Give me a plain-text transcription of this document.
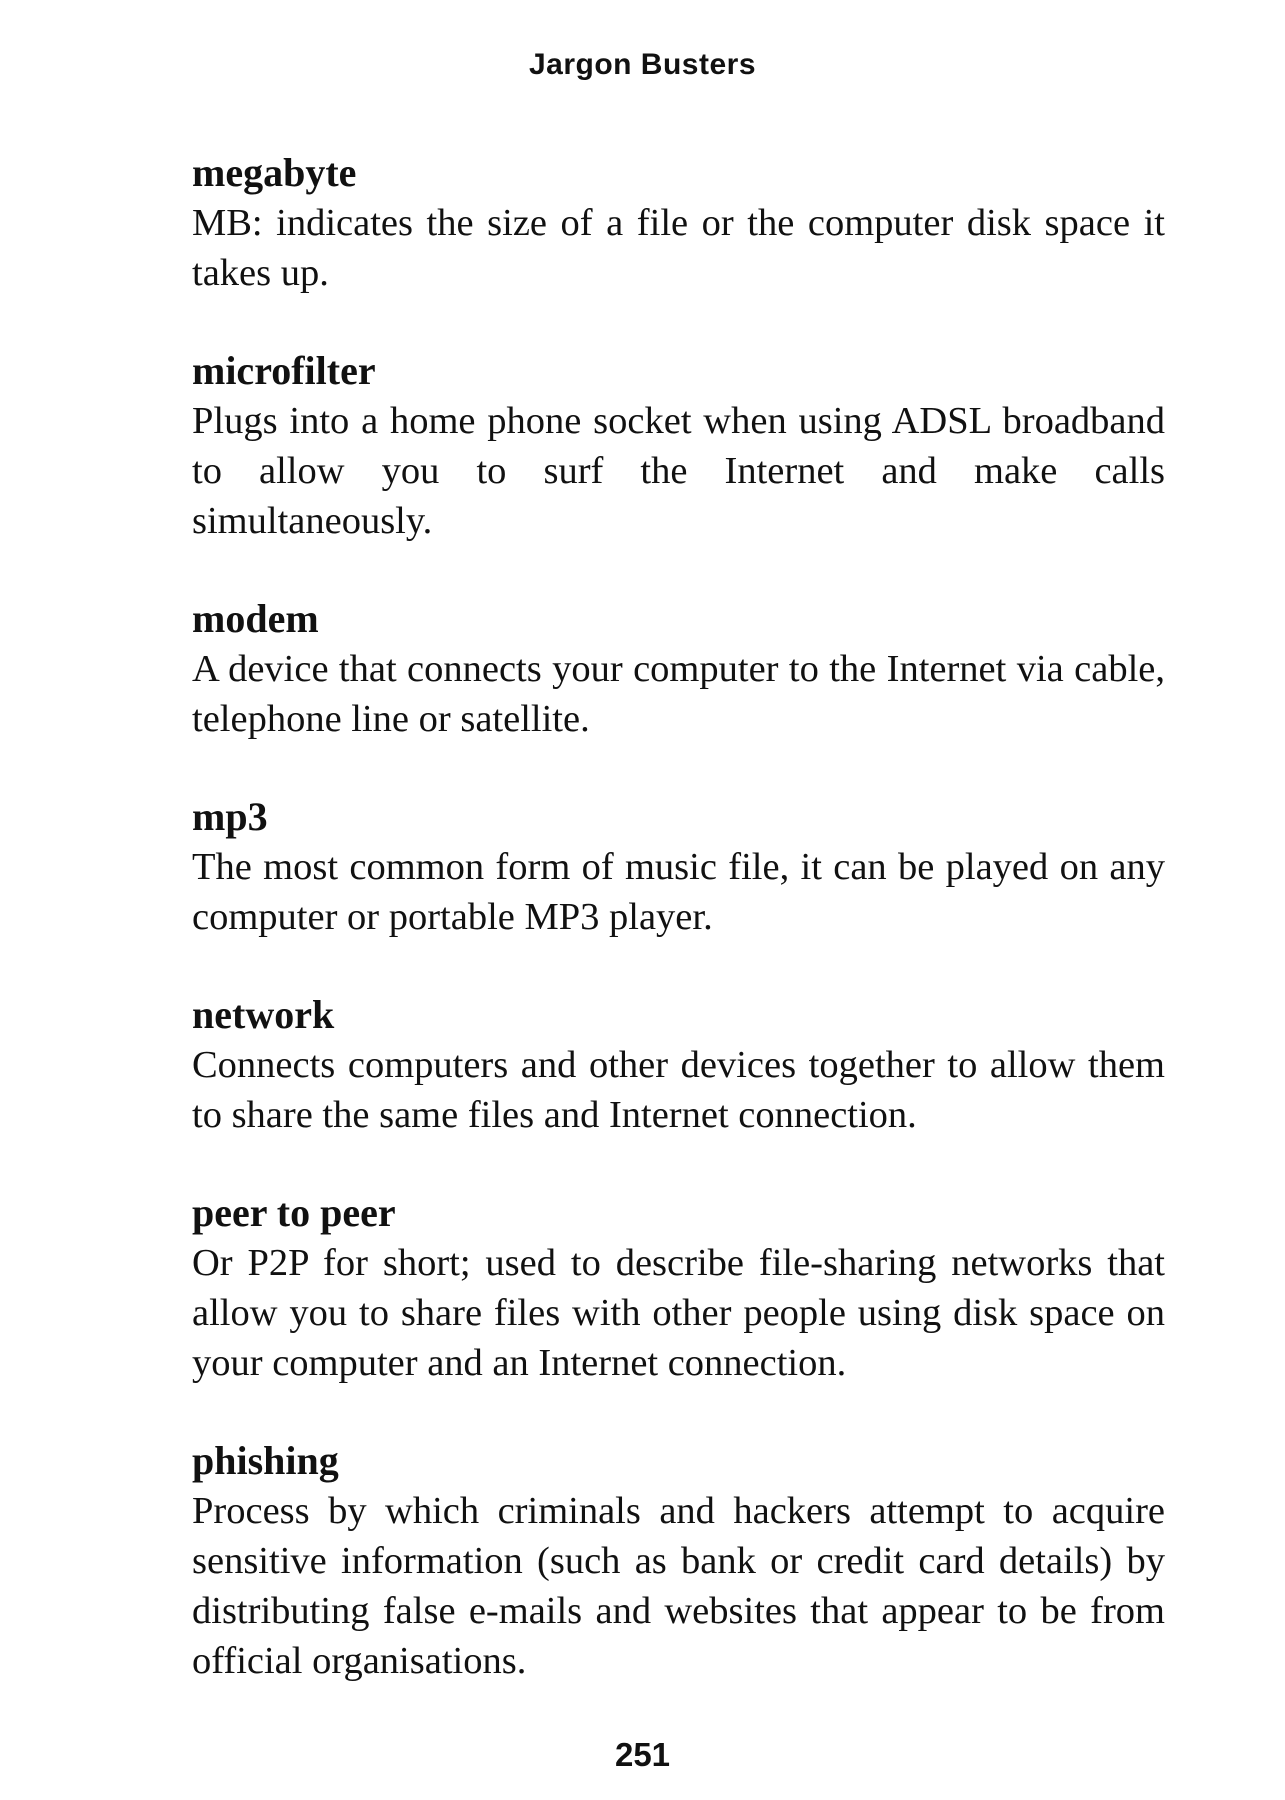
Jargon Busters

megabyte

MB: indicates the size of a file or the computer disk space it takes up.

microfilter

Plugs into a home phone socket when using ADSL broadband to allow you to surf the Internet and make calls simultaneously.

modem

A device that connects your computer to the Internet via cable, telephone line or satellite.

mp3

The most common form of music file, it can be played on any computer or portable MP3 player.

network

Connects computers and other devices together to allow them to share the same files and Internet connection.

peer to peer

Or P2P for short; used to describe file-sharing networks that allow you to share files with other people using disk space on your computer and an Internet connection.

phishing

Process by which criminals and hackers attempt to acquire sensitive information (such as bank or credit card details) by distributing false e-mails and websites that appear to be from official organisations.

251
